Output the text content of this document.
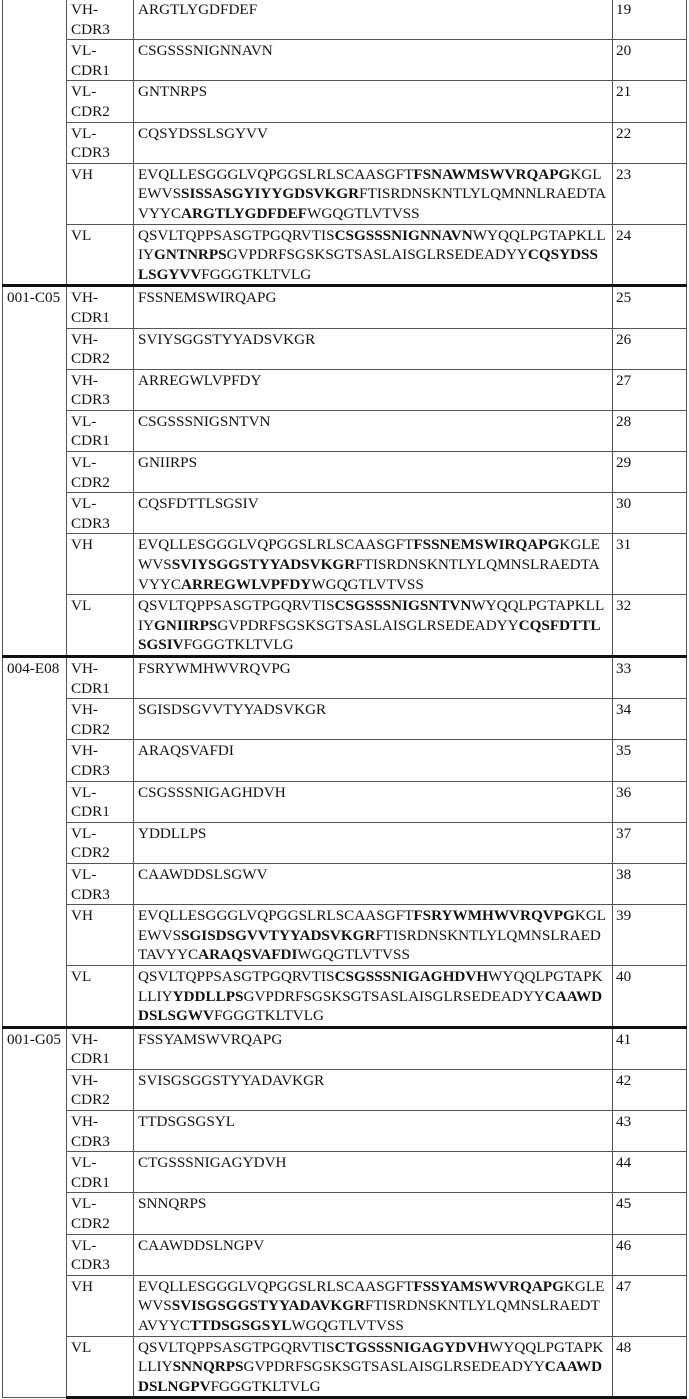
	VH-CDR3	ARGTLYGDFDEF	19
	VL-CDR1	CSGSSSNIGNNAVN	20
	VL-CDR2	GNTNRPS	21
	VL-CDR3	CQSYDSSLSGYVV	22
	VH	EVQLLESGGGLVQPGGSLRLSCAASGFTFSNAWMSWVRQAPGKGLEWVSSISSASGYIYYGDSVKGRFTISRDNSKNTLYLQMNNLRAEDTAVYYCARGTLYGDFDEFWGQGTLVTVSS	23
	VL	QSVLTQPPSASGTPGQRVTISCSGSSSNIGNNAVNWYQQLPGTAPKLLIYGNTNRPSGVPDRFSGSKSGTSASLAISGLRSEDEADYYCQSYDSSLSGYVVFGGGTKLTVLG	24
001-C05	VH-CDR1	FSSNEMSWIRQAPG	25
	VH-CDR2	SVIYSGGSTYYADSVKGR	26
	VH-CDR3	ARREGWLVPFDY	27
	VL-CDR1	CSGSSSNIGSNTVN	28
	VL-CDR2	GNIIRPS	29
	VL-CDR3	CQSFDTTLSGSIV	30
	VH	EVQLLESGGGLVQPGGSLRLSCAASGFTFSSNEMSWIRQAPGKGLEWVSSVIYSGGSTYYADSVKGRFTISRDNSKNTLYLQMNSLRAEDTAVYYCARREGWLVPFDYWGQGTLVTVSS	31
	VL	QSVLTQPPSASGTPGQRVTISCSGSSSNIGSNTVNWYQQLPGTAPKLLIYGNIIRPSGVPDRFSGSKSGTSASLAISGLRSEDEADYYCQSFDTTLSGSIVFGGGTKLTVLG	32
004-E08	VH-CDR1	FSRYWMHWVRQVPG	33
	VH-CDR2	SGISDSGVVTYYADSVKGR	34
	VH-CDR3	ARAQSVAFDI	35
	VL-CDR1	CSGSSSNIGAGHDVH	36
	VL-CDR2	YDDLLPS	37
	VL-CDR3	CAAWDDSLSGWV	38
	VH	EVQLLESGGGLVQPGGSLRLSCAASGFTFSRYWMHWVRQVPGKGLEWVSSGISDSGVVTYYADSVKGRFTISRDNSKNTLYLQMNSLRAEDTAVYYCARAQSVAFDIWGQGTLVTVSS	39
	VL	QSVLTQPPSASGTPGQRVTISCSGSSSNIGAGHDVHWYQQLPGTAPKLLIYYDDLLPSGVPDRFSGSKSGTSASLAISGLRSEDEADYYCAAWDDSLSGWVFGGGTKLTVLG	40
001-G05	VH-CDR1	FSSYAMSWVRQAPG	41
	VH-CDR2	SVISGSGGSTYYADAVKGR	42
	VH-CDR3	TTDSGSGSYL	43
	VL-CDR1	CTGSSSNIGAGYDVH	44
	VL-CDR2	SNNQRPS	45
	VL-CDR3	CAAWDDSLNGPV	46
	VH	EVQLLESGGGLVQPGGSLRLSCAASGFTFSSYAMSWVRQAPGKGLEWVSSVISGSGGSTYYADAVKGRFTISRDNSKNTLYLQMNSLRAEDTAVYYCTTDSGSGSYLWGQGTLVTVSS	47
	VL	QSVLTQPPSASGTPGQRVTISCTGSSSNIGAGYDVHWYQQLPGTAPKLLIYSNNQRPSGVPDRFSGSKSGTSASLAISGLRSEDEADYYCAAWDDSLNGPVFGGGTKLTVLG	48
